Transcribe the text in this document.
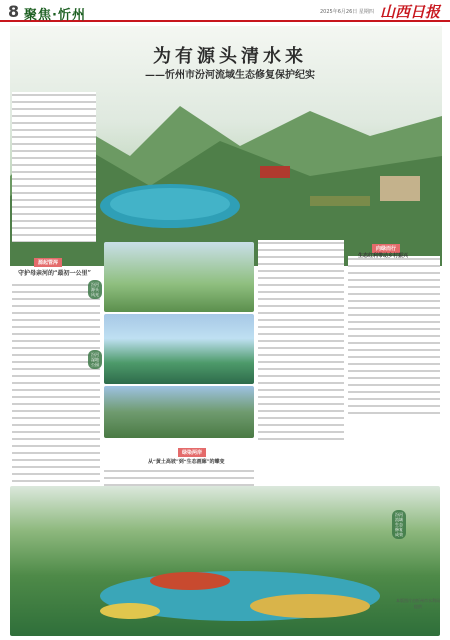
8 聚焦·忻州	2025年6月26日 星期四 山西日报
为有源头清水来
——忻州市汾河流域生态修复保护纪实
源起管涔
守护母亲河的“最初一公里”
汾河源头风光
汾河湿地公园
向绿而行
生态红利带动乡村振兴
绿染两岸
从“黄土高坡”到“生态画廊”的蝶变
汾河流域生态修复成效
本版图片由忻州市水利局提供
